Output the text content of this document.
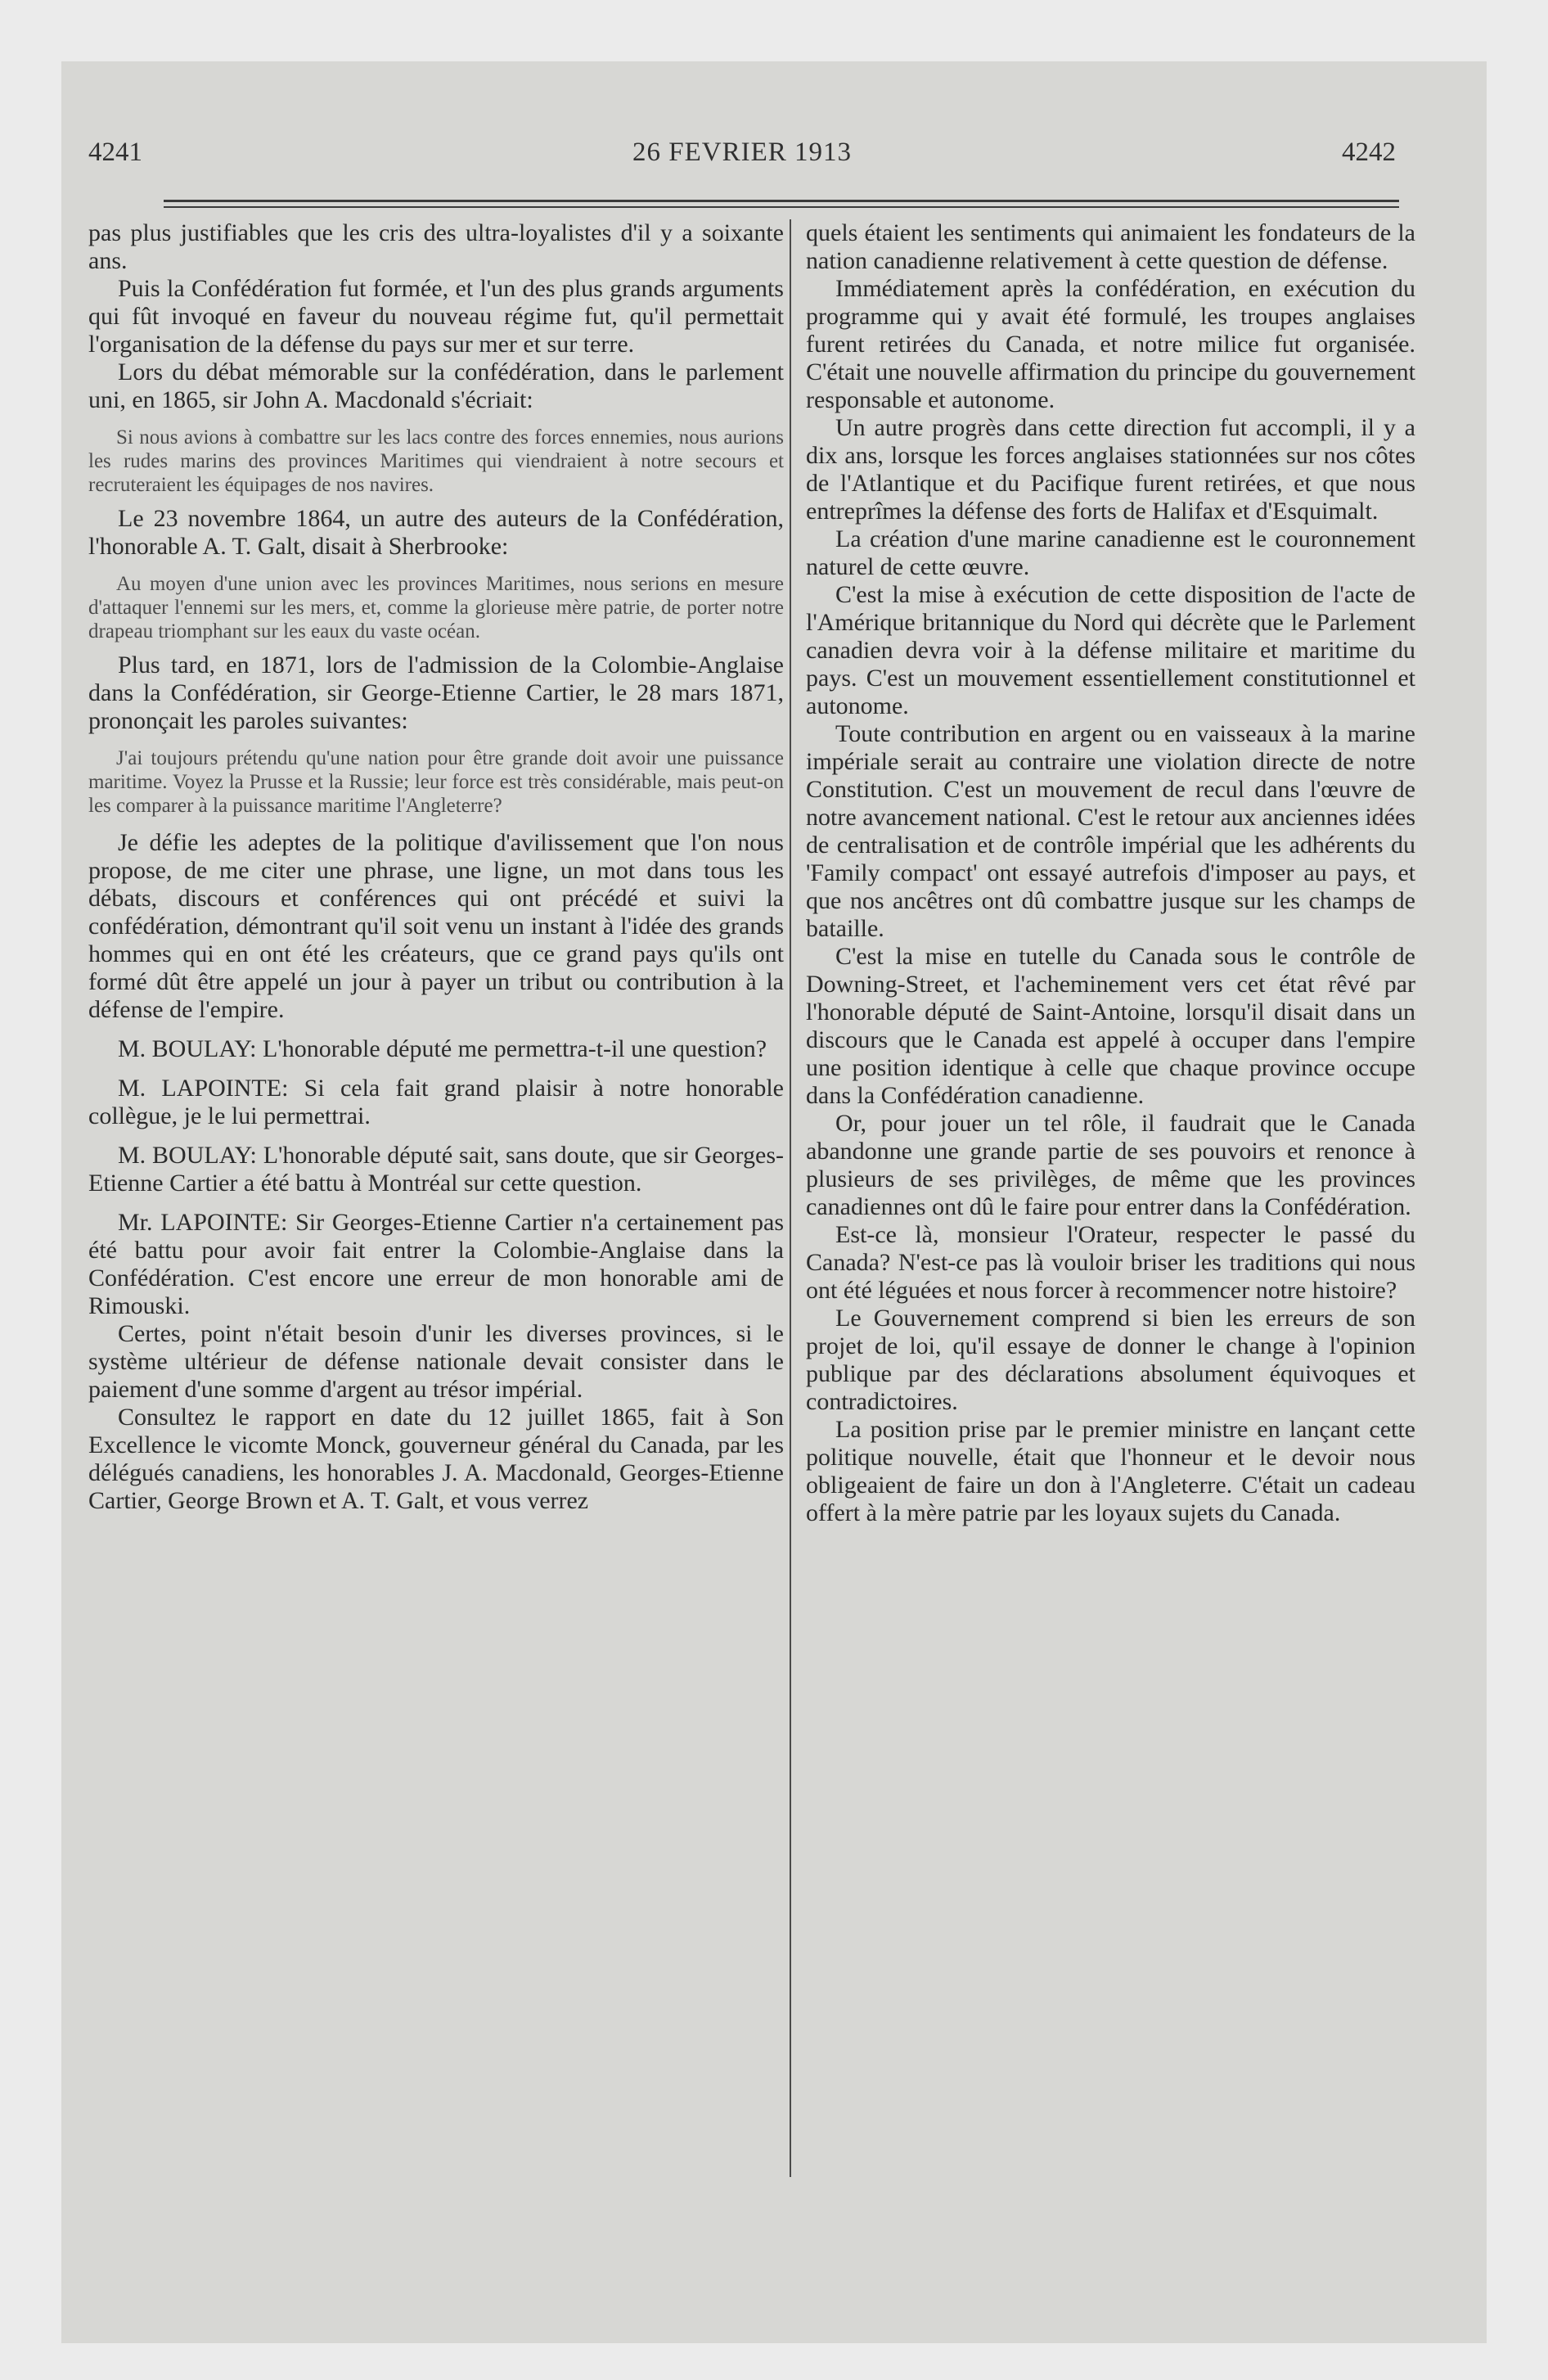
4241	26 FEVRIER 1913	4242

pas plus justifiables que les cris des ultra-loyalistes d'il y a soixante ans.

Puis la Confédération fut formée, et l'un des plus grands arguments qui fût invoqué en faveur du nouveau régime fut, qu'il permettait l'organisation de la défense du pays sur mer et sur terre.

Lors du débat mémorable sur la confédération, dans le parlement uni, en 1865, sir John A. Macdonald s'écriait:

Si nous avions à combattre sur les lacs contre des forces ennemies, nous aurions les rudes marins des provinces Maritimes qui viendraient à notre secours et recruteraient les équipages de nos navires.

Le 23 novembre 1864, un autre des auteurs de la Confédération, l'honorable A. T. Galt, disait à Sherbrooke:

Au moyen d'une union avec les provinces Maritimes, nous serions en mesure d'attaquer l'ennemi sur les mers, et, comme la glorieuse mère patrie, de porter notre drapeau triomphant sur les eaux du vaste océan.

Plus tard, en 1871, lors de l'admission de la Colombie-Anglaise dans la Confédération, sir George-Etienne Cartier, le 28 mars 1871, prononçait les paroles suivantes:

J'ai toujours prétendu qu'une nation pour être grande doit avoir une puissance maritime. Voyez la Prusse et la Russie; leur force est très considérable, mais peut-on les comparer à la puissance maritime l'Angleterre?

Je défie les adeptes de la politique d'avilissement que l'on nous propose, de me citer une phrase, une ligne, un mot dans tous les débats, discours et conférences qui ont précédé et suivi la confédération, démontrant qu'il soit venu un instant à l'idée des grands hommes qui en ont été les créateurs, que ce grand pays qu'ils ont formé dût être appelé un jour à payer un tribut ou contribution à la défense de l'empire.

M. BOULAY: L'honorable député me permettra-t-il une question?

M. LAPOINTE: Si cela fait grand plaisir à notre honorable collègue, je le lui permettrai.

M. BOULAY: L'honorable député sait, sans doute, que sir Georges-Etienne Cartier a été battu à Montréal sur cette question.

Mr. LAPOINTE: Sir Georges-Etienne Cartier n'a certainement pas été battu pour avoir fait entrer la Colombie-Anglaise dans la Confédération. C'est encore une erreur de mon honorable ami de Rimouski.

Certes, point n'était besoin d'unir les diverses provinces, si le système ultérieur de défense nationale devait consister dans le paiement d'une somme d'argent au trésor impérial.

Consultez le rapport en date du 12 juillet 1865, fait à Son Excellence le vicomte Monck, gouverneur général du Canada, par les délégués canadiens, les honorables J. A. Macdonald, Georges-Etienne Cartier, George Brown et A. T. Galt, et vous verrez

quels étaient les sentiments qui animaient les fondateurs de la nation canadienne relativement à cette question de défense.

Immédiatement après la confédération, en exécution du programme qui y avait été formulé, les troupes anglaises furent retirées du Canada, et notre milice fut organisée. C'était une nouvelle affirmation du principe du gouvernement responsable et autonome.

Un autre progrès dans cette direction fut accompli, il y a dix ans, lorsque les forces anglaises stationnées sur nos côtes de l'Atlantique et du Pacifique furent retirées, et que nous entreprîmes la défense des forts de Halifax et d'Esquimalt.

La création d'une marine canadienne est le couronnement naturel de cette œuvre.

C'est la mise à exécution de cette disposition de l'acte de l'Amérique britannique du Nord qui décrète que le Parlement canadien devra voir à la défense militaire et maritime du pays. C'est un mouvement essentiellement constitutionnel et autonome.

Toute contribution en argent ou en vaisseaux à la marine impériale serait au contraire une violation directe de notre Constitution. C'est un mouvement de recul dans l'œuvre de notre avancement national. C'est le retour aux anciennes idées de centralisation et de contrôle impérial que les adhérents du 'Family compact' ont essayé autrefois d'imposer au pays, et que nos ancêtres ont dû combattre jusque sur les champs de bataille.

C'est la mise en tutelle du Canada sous le contrôle de Downing-Street, et l'acheminement vers cet état rêvé par l'honorable député de Saint-Antoine, lorsqu'il disait dans un discours que le Canada est appelé à occuper dans l'empire une position identique à celle que chaque province occupe dans la Confédération canadienne.

Or, pour jouer un tel rôle, il faudrait que le Canada abandonne une grande partie de ses pouvoirs et renonce à plusieurs de ses privilèges, de même que les provinces canadiennes ont dû le faire pour entrer dans la Confédération.

Est-ce là, monsieur l'Orateur, respecter le passé du Canada? N'est-ce pas là vouloir briser les traditions qui nous ont été léguées et nous forcer à recommencer notre histoire?

Le Gouvernement comprend si bien les erreurs de son projet de loi, qu'il essaye de donner le change à l'opinion publique par des déclarations absolument équivoques et contradictoires.

La position prise par le premier ministre en lançant cette politique nouvelle, était que l'honneur et le devoir nous obligeaient de faire un don à l'Angleterre. C'était un cadeau offert à la mère patrie par les loyaux sujets du Canada.
